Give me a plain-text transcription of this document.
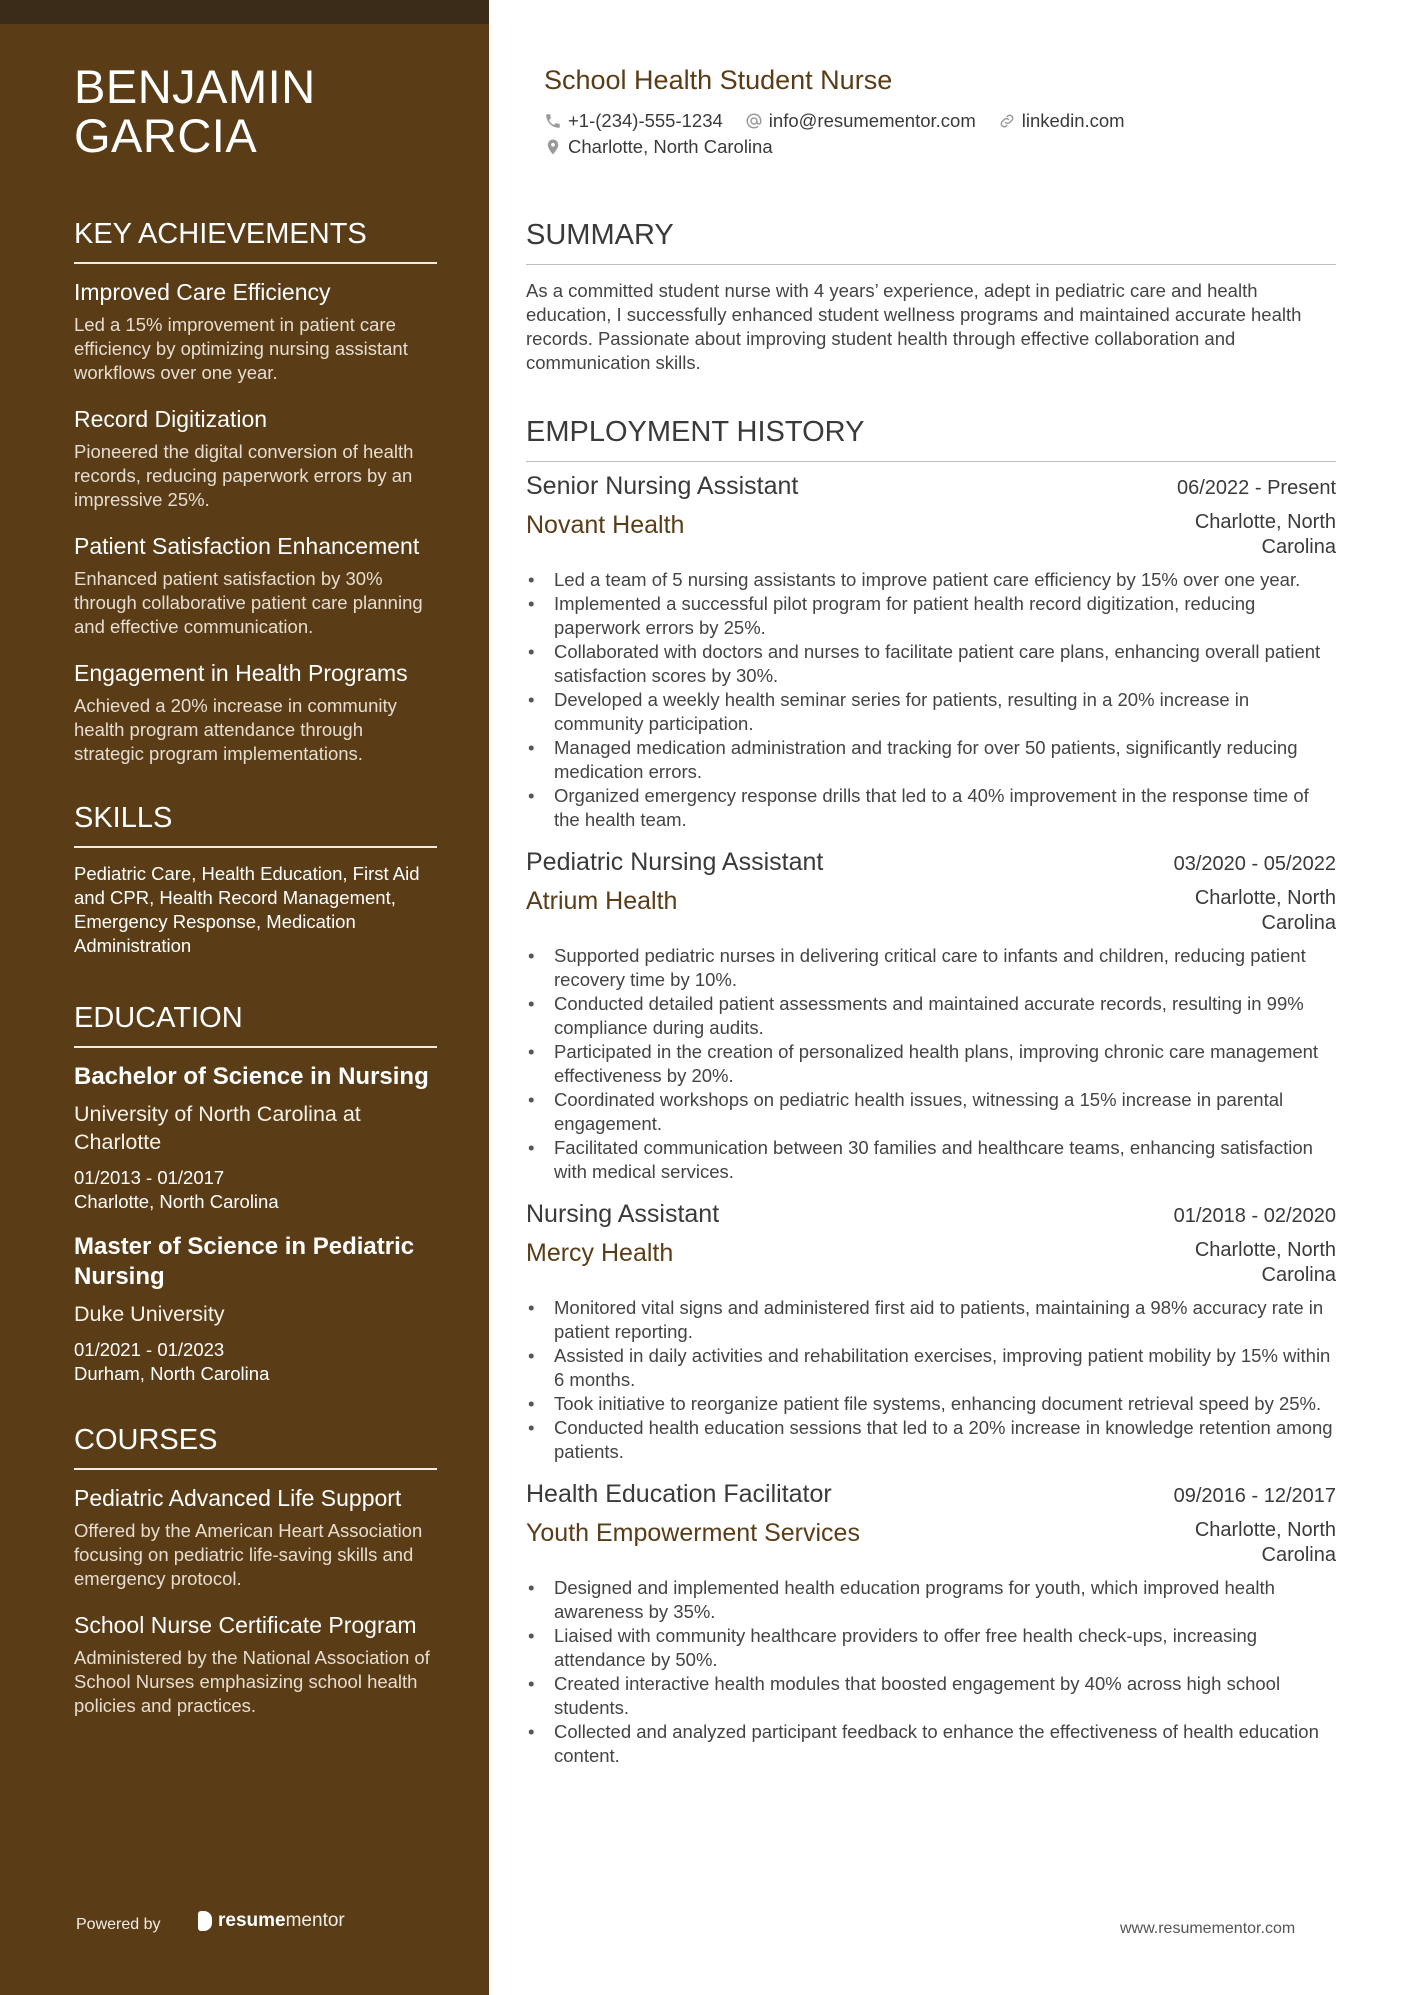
BENJAMIN
GARCIA
KEY ACHIEVEMENTS
Improved Care Efficiency
Led a 15% improvement in patient care efficiency by optimizing nursing assistant workflows over one year.
Record Digitization
Pioneered the digital conversion of health records, reducing paperwork errors by an impressive 25%.
Patient Satisfaction Enhancement
Enhanced patient satisfaction by 30% through collaborative patient care planning and effective communication.
Engagement in Health Programs
Achieved a 20% increase in community health program attendance through strategic program implementations.
SKILLS
Pediatric Care, Health Education, First Aid and CPR, Health Record Management, Emergency Response, Medication Administration
EDUCATION
Bachelor of Science in Nursing
University of North Carolina at Charlotte
01/2013 - 01/2017
Charlotte, North Carolina
Master of Science in Pediatric Nursing
Duke University
01/2021 - 01/2023
Durham, North Carolina
COURSES
Pediatric Advanced Life Support
Offered by the American Heart Association focusing on pediatric life-saving skills and emergency protocol.
School Nurse Certificate Program
Administered by the National Association of School Nurses emphasizing school health policies and practices.
Powered by	resumementor
School Health Student Nurse
+1-(234)-555-1234 info@resumementor.com linkedin.com
Charlotte, North Carolina
SUMMARY
As a committed student nurse with 4 years’ experience, adept in pediatric care and health education, I successfully enhanced student wellness programs and maintained accurate health records. Passionate about improving student health through effective collaboration and communication skills.
EMPLOYMENT HISTORY
Senior Nursing Assistant	06/2022 - Present
Novant Health	Charlotte, North Carolina
• Led a team of 5 nursing assistants to improve patient care efficiency by 15% over one year.
• Implemented a successful pilot program for patient health record digitization, reducing paperwork errors by 25%.
• Collaborated with doctors and nurses to facilitate patient care plans, enhancing overall patient satisfaction scores by 30%.
• Developed a weekly health seminar series for patients, resulting in a 20% increase in community participation.
• Managed medication administration and tracking for over 50 patients, significantly reducing medication errors.
• Organized emergency response drills that led to a 40% improvement in the response time of the health team.
Pediatric Nursing Assistant	03/2020 - 05/2022
Atrium Health	Charlotte, North Carolina
• Supported pediatric nurses in delivering critical care to infants and children, reducing patient recovery time by 10%.
• Conducted detailed patient assessments and maintained accurate records, resulting in 99% compliance during audits.
• Participated in the creation of personalized health plans, improving chronic care management effectiveness by 20%.
• Coordinated workshops on pediatric health issues, witnessing a 15% increase in parental engagement.
• Facilitated communication between 30 families and healthcare teams, enhancing satisfaction with medical services.
Nursing Assistant	01/2018 - 02/2020
Mercy Health	Charlotte, North Carolina
• Monitored vital signs and administered first aid to patients, maintaining a 98% accuracy rate in patient reporting.
• Assisted in daily activities and rehabilitation exercises, improving patient mobility by 15% within 6 months.
• Took initiative to reorganize patient file systems, enhancing document retrieval speed by 25%.
• Conducted health education sessions that led to a 20% increase in knowledge retention among patients.
Health Education Facilitator	09/2016 - 12/2017
Youth Empowerment Services	Charlotte, North Carolina
• Designed and implemented health education programs for youth, which improved health awareness by 35%.
• Liaised with community healthcare providers to offer free health check-ups, increasing attendance by 50%.
• Created interactive health modules that boosted engagement by 40% across high school students.
• Collected and analyzed participant feedback to enhance the effectiveness of health education content.
www.resumementor.com
